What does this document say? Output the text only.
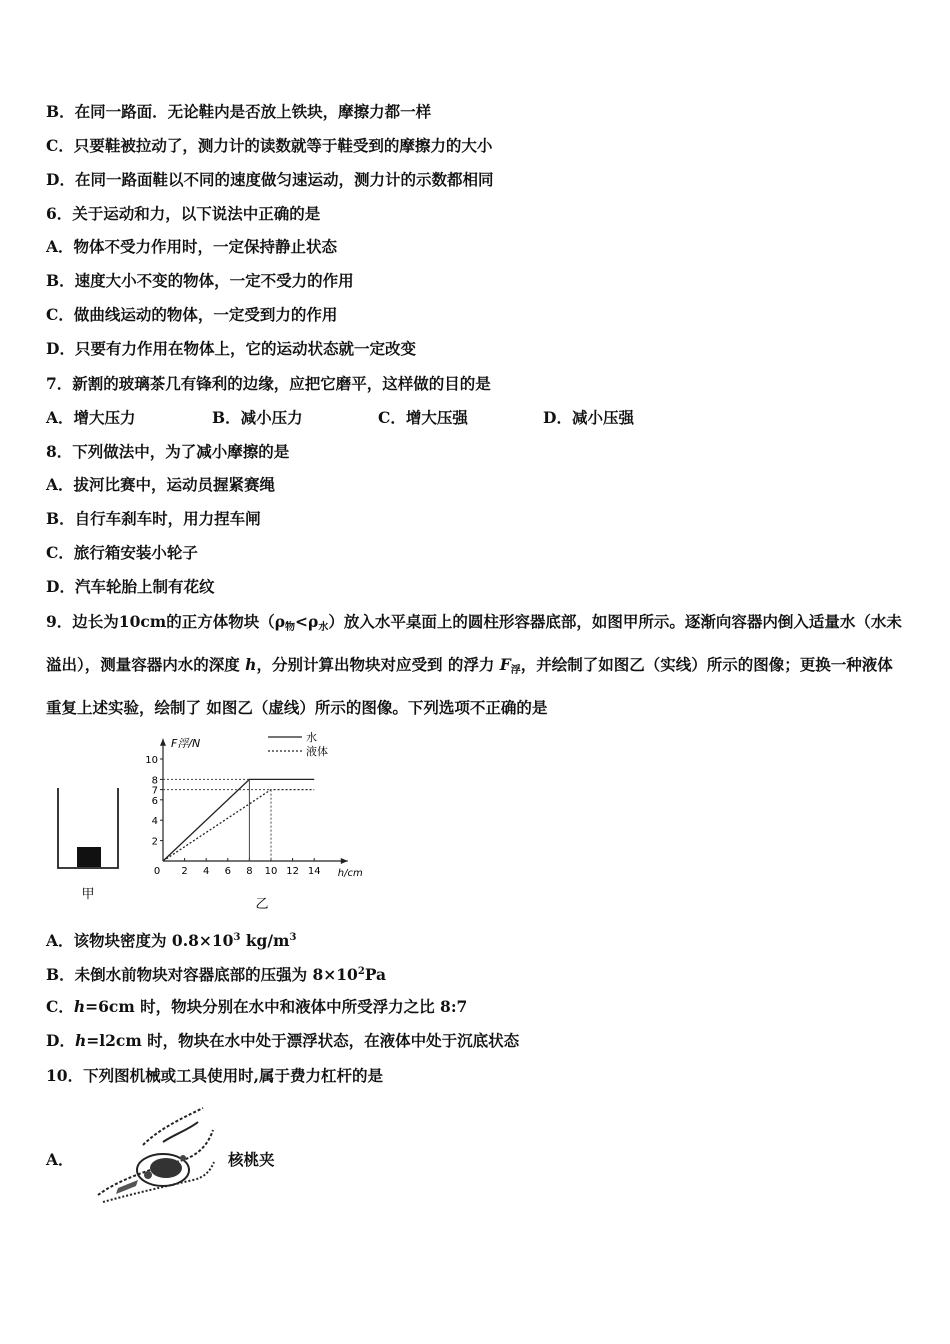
B．在同一路面．无论鞋内是否放上铁块，摩擦力都一样
C．只要鞋被拉动了，测力计的读数就等于鞋受到的摩擦力的大小
D．在同一路面鞋以不同的速度做匀速运动，测力计的示数都相同
6．关于运动和力，以下说法中正确的是
A．物体不受力作用时，一定保持静止状态
B．速度大小不变的物体，一定不受力的作用
C．做曲线运动的物体，一定受到力的作用
D．只要有力作用在物体上，它的运动状态就一定改变
7．新割的玻璃茶几有锋利的边缘，应把它磨平，这样做的目的是
A．增大压力	B．减小压力	C．增大压强	D．减小压强
8．下列做法中，为了减小摩擦的是
A．拔河比赛中，运动员握紧赛绳
B．自行车刹车时，用力捏车闸
C．旅行箱安装小轮子
D．汽车轮胎上制有花纹
9．边长为10cm的正方体物块$(\rho_物<\rho_水)$放入水平桌面上的圆柱形容器底部，如图甲所示。逐渐向容器内倒入适量水（水未溢出），测量容器内水的深度 h，分别计算出物块对应受到 的浮力 $F_浮$，并绘制了如图乙（实线）所示的图像；更换一种液体重复上述实验，绘制了 如图乙（虚线）所示的图像。下列选项不正确的是
甲
乙
F浮/N
h/cm
0 2 4 6 8 10 12 14
2
4
6
7
8
10
水
液体
A．该物块密度为 $0.8\times 10^3$ $kg/m^3$
B．未倒水前物块对容器底部的压强为 $8\times 10^2Pa$
C．h=6cm 时，物块分别在水中和液体中所受浮力之比 8:7
D．h=l2cm 时，物块在水中处于漂浮状态，在液体中处于沉底状态
10．下列图机械或工具使用时,属于费力杠杆的是
A．	核桃夹
